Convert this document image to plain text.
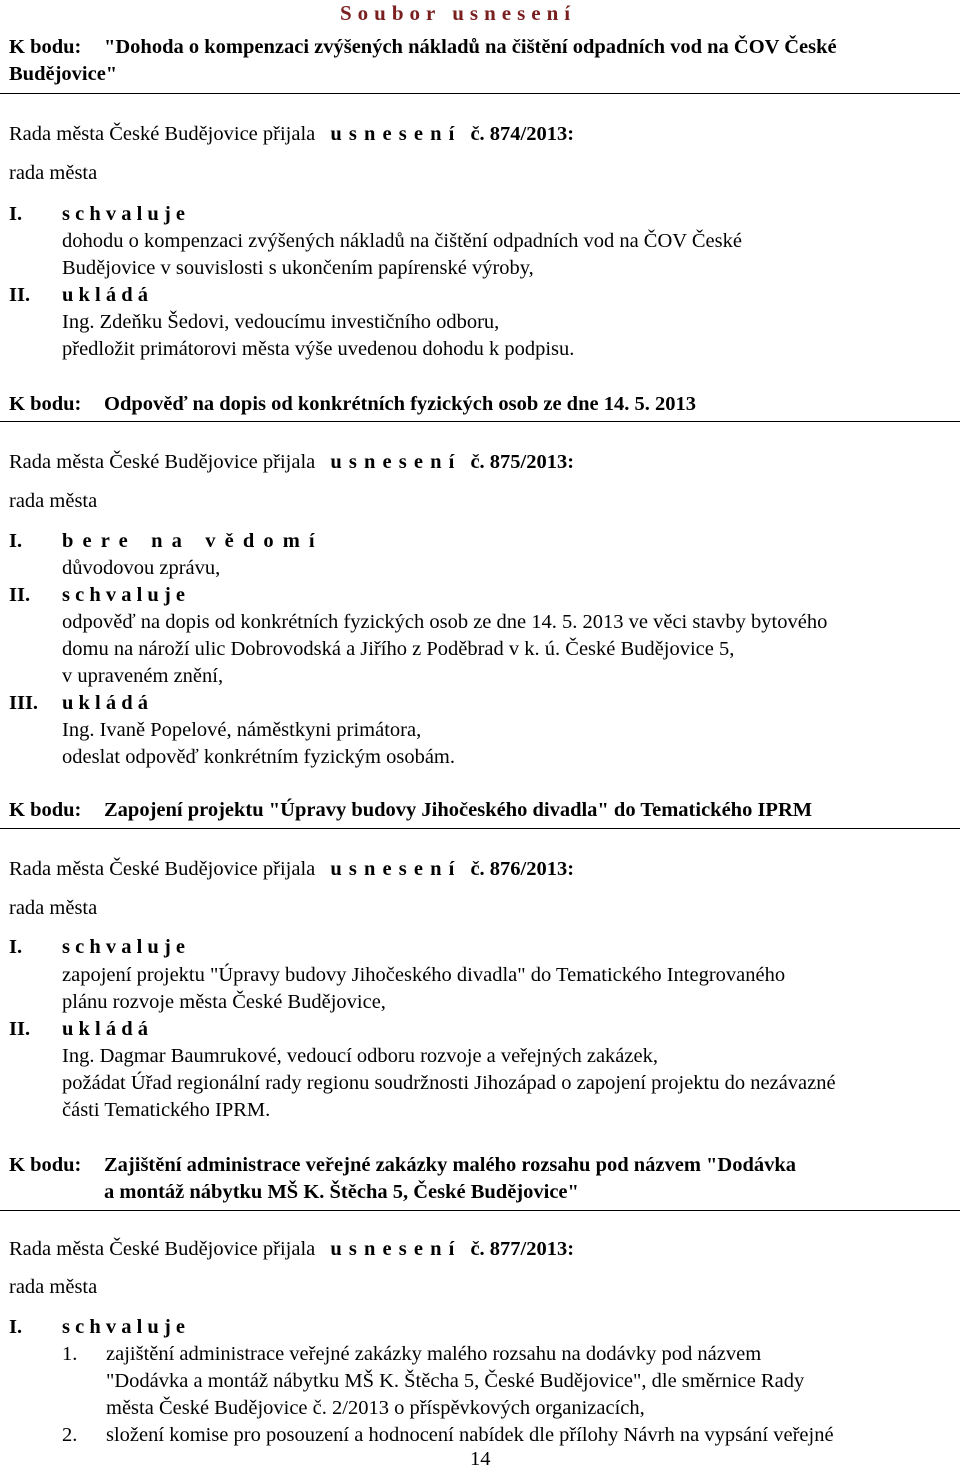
Soubor usnesení
K bodu: "Dohoda o kompenzaci zvýšených nákladů na čištění odpadních vod na ČOV České
Budějovice"
Rada města České Budějovice přijala u s n e s e n í č. 874/2013:
rada města
I. s c h v a l u j e
dohodu o kompenzaci zvýšených nákladů na čištění odpadních vod na ČOV České
Budějovice v souvislosti s ukončením papírenské výroby,
II. u k l á d á
Ing. Zdeňku Šedovi, vedoucímu investičního odboru,
předložit primátorovi města výše uvedenou dohodu k podpisu.
K bodu: Odpověď na dopis od konkrétních fyzických osob ze dne 14. 5. 2013
Rada města České Budějovice přijala u s n e s e n í č. 875/2013:
rada města
I. b e r e   n a   v ě d o m í
důvodovou zprávu,
II. s c h v a l u j e
odpověď na dopis od konkrétních fyzických osob ze dne 14. 5. 2013 ve věci stavby bytového
domu na nároží ulic Dobrovodská a Jiřího z Poděbrad v k. ú. České Budějovice 5,
v upraveném znění,
III. u k l á d á
Ing. Ivaně Popelové, náměstkyni primátora,
odeslat odpověď konkrétním fyzickým osobám.
K bodu: Zapojení projektu "Úpravy budovy Jihočeského divadla" do Tematického IPRM
Rada města České Budějovice přijala u s n e s e n í č. 876/2013:
rada města
I. s c h v a l u j e
zapojení projektu "Úpravy budovy Jihočeského divadla" do Tematického Integrovaného
plánu rozvoje města České Budějovice,
II. u k l á d á
Ing. Dagmar Baumrukové, vedoucí odboru rozvoje a veřejných zakázek,
požádat Úřad regionální rady regionu soudržnosti Jihozápad o zapojení projektu do nezávazné
části Tematického IPRM.
K bodu: Zajištění administrace veřejné zakázky malého rozsahu pod názvem "Dodávka
a montáž nábytku MŠ K. Štěcha 5, České Budějovice"
Rada města České Budějovice přijala u s n e s e n í č. 877/2013:
rada města
I. s c h v a l u j e
1. zajištění administrace veřejné zakázky malého rozsahu na dodávky pod názvem
"Dodávka a montáž nábytku MŠ K. Štěcha 5, České Budějovice", dle směrnice Rady
města České Budějovice č. 2/2013 o příspěvkových organizacích,
2. složení komise pro posouzení a hodnocení nabídek dle přílohy Návrh na vypsání veřejné
14
